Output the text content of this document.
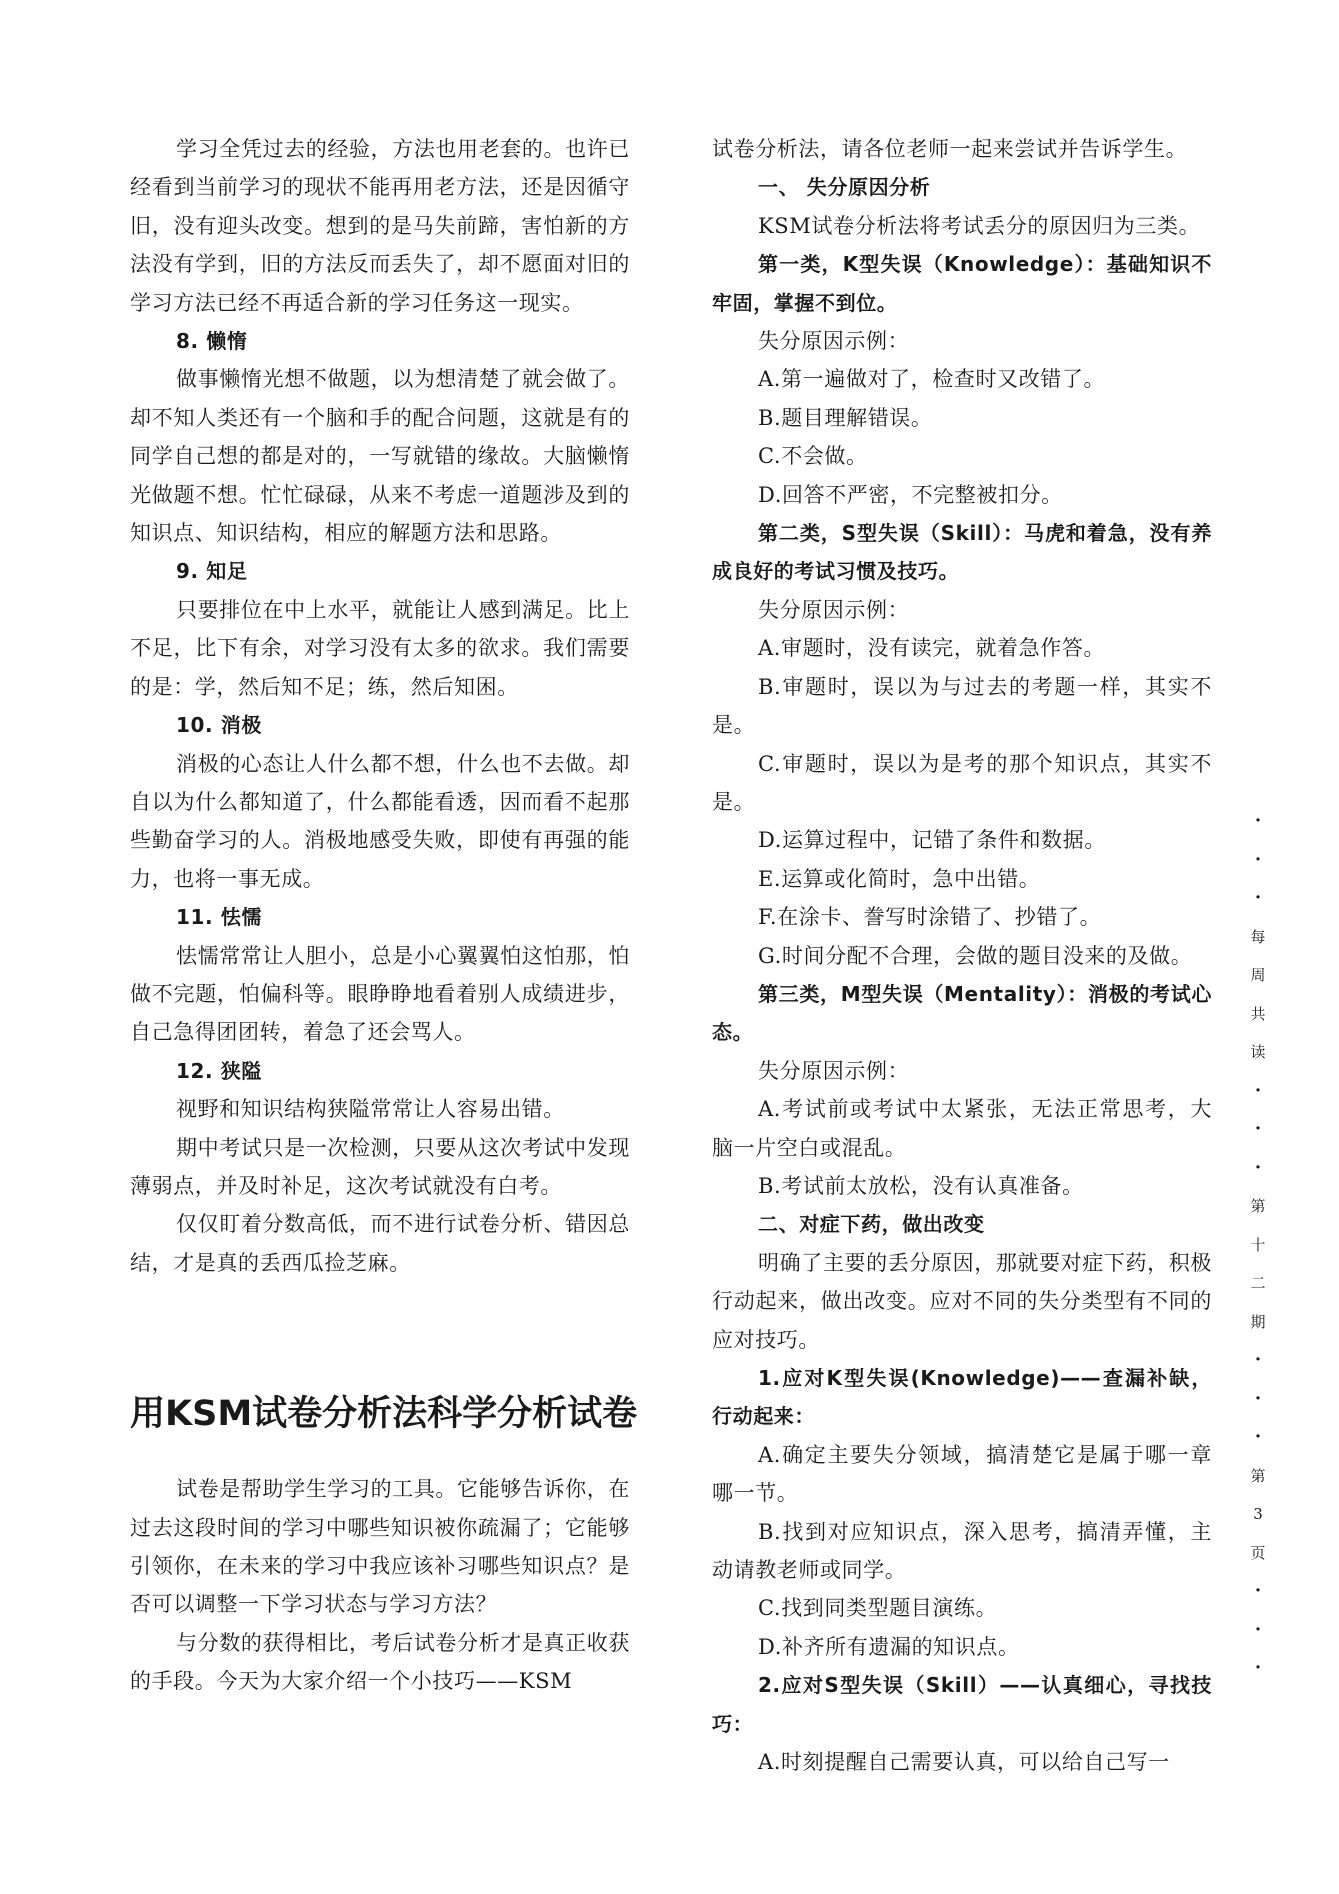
学习全凭过去的经验，方法也用老套的。也许已经看到当前学习的现状不能再用老方法，还是因循守旧，没有迎头改变。想到的是马失前蹄，害怕新的方法没有学到，旧的方法反而丢失了，却不愿面对旧的学习方法已经不再适合新的学习任务这一现实。

8. 懒惰

做事懒惰光想不做题，以为想清楚了就会做了。却不知人类还有一个脑和手的配合问题，这就是有的同学自己想的都是对的，一写就错的缘故。大脑懒惰光做题不想。忙忙碌碌，从来不考虑一道题涉及到的知识点、知识结构，相应的解题方法和思路。

9. 知足

只要排位在中上水平，就能让人感到满足。比上不足，比下有余，对学习没有太多的欲求。我们需要的是：学，然后知不足；练，然后知困。

10. 消极

消极的心态让人什么都不想，什么也不去做。却自以为什么都知道了，什么都能看透，因而看不起那些勤奋学习的人。消极地感受失败，即使有再强的能力，也将一事无成。

11. 怯懦

怯懦常常让人胆小，总是小心翼翼怕这怕那，怕做不完题，怕偏科等。眼睁睁地看着别人成绩进步，自己急得团团转，着急了还会骂人。

12. 狭隘

视野和知识结构狭隘常常让人容易出错。

期中考试只是一次检测，只要从这次考试中发现薄弱点，并及时补足，这次考试就没有白考。

仅仅盯着分数高低，而不进行试卷分析、错因总结，才是真的丢西瓜捡芝麻。

用KSM试卷分析法科学分析试卷

试卷是帮助学生学习的工具。它能够告诉你，在过去这段时间的学习中哪些知识被你疏漏了；它能够引领你，在未来的学习中我应该补习哪些知识点？是否可以调整一下学习状态与学习方法？

与分数的获得相比，考后试卷分析才是真正收获的手段。今天为大家介绍一个小技巧——KSM

试卷分析法，请各位老师一起来尝试并告诉学生。

一、 失分原因分析

KSM试卷分析法将考试丢分的原因归为三类。

第一类，K型失误（Knowledge）：基础知识不牢固，掌握不到位。

失分原因示例：

A.第一遍做对了，检查时又改错了。

B.题目理解错误。

C.不会做。

D.回答不严密，不完整被扣分。

第二类，S型失误（Skill）：马虎和着急，没有养成良好的考试习惯及技巧。

失分原因示例：

A.审题时，没有读完，就着急作答。

B.审题时，误以为与过去的考题一样，其实不是。

C.审题时，误以为是考的那个知识点，其实不是。

D.运算过程中，记错了条件和数据。

E.运算或化简时，急中出错。

F.在涂卡、誊写时涂错了、抄错了。

G.时间分配不合理，会做的题目没来的及做。

第三类，M型失误（Mentality）：消极的考试心态。

失分原因示例：

A.考试前或考试中太紧张，无法正常思考，大脑一片空白或混乱。

B.考试前太放松，没有认真准备。

二、对症下药，做出改变

明确了主要的丢分原因，那就要对症下药，积极行动起来，做出改变。应对不同的失分类型有不同的应对技巧。

1.应对K型失误(Knowledge)——查漏补缺，行动起来：

A.确定主要失分领域，搞清楚它是属于哪一章哪一节。

B.找到对应知识点，深入思考，搞清弄懂，主动请教老师或同学。

C.找到同类型题目演练。

D.补齐所有遗漏的知识点。

2.应对S型失误（Skill）——认真细心，寻找技巧：

A.时刻提醒自己需要认真，可以给自己写一

·
·
·
每
周
共
读
·
·
·
第
十
二
期
·
·
·
第
3
页
·
·
·
